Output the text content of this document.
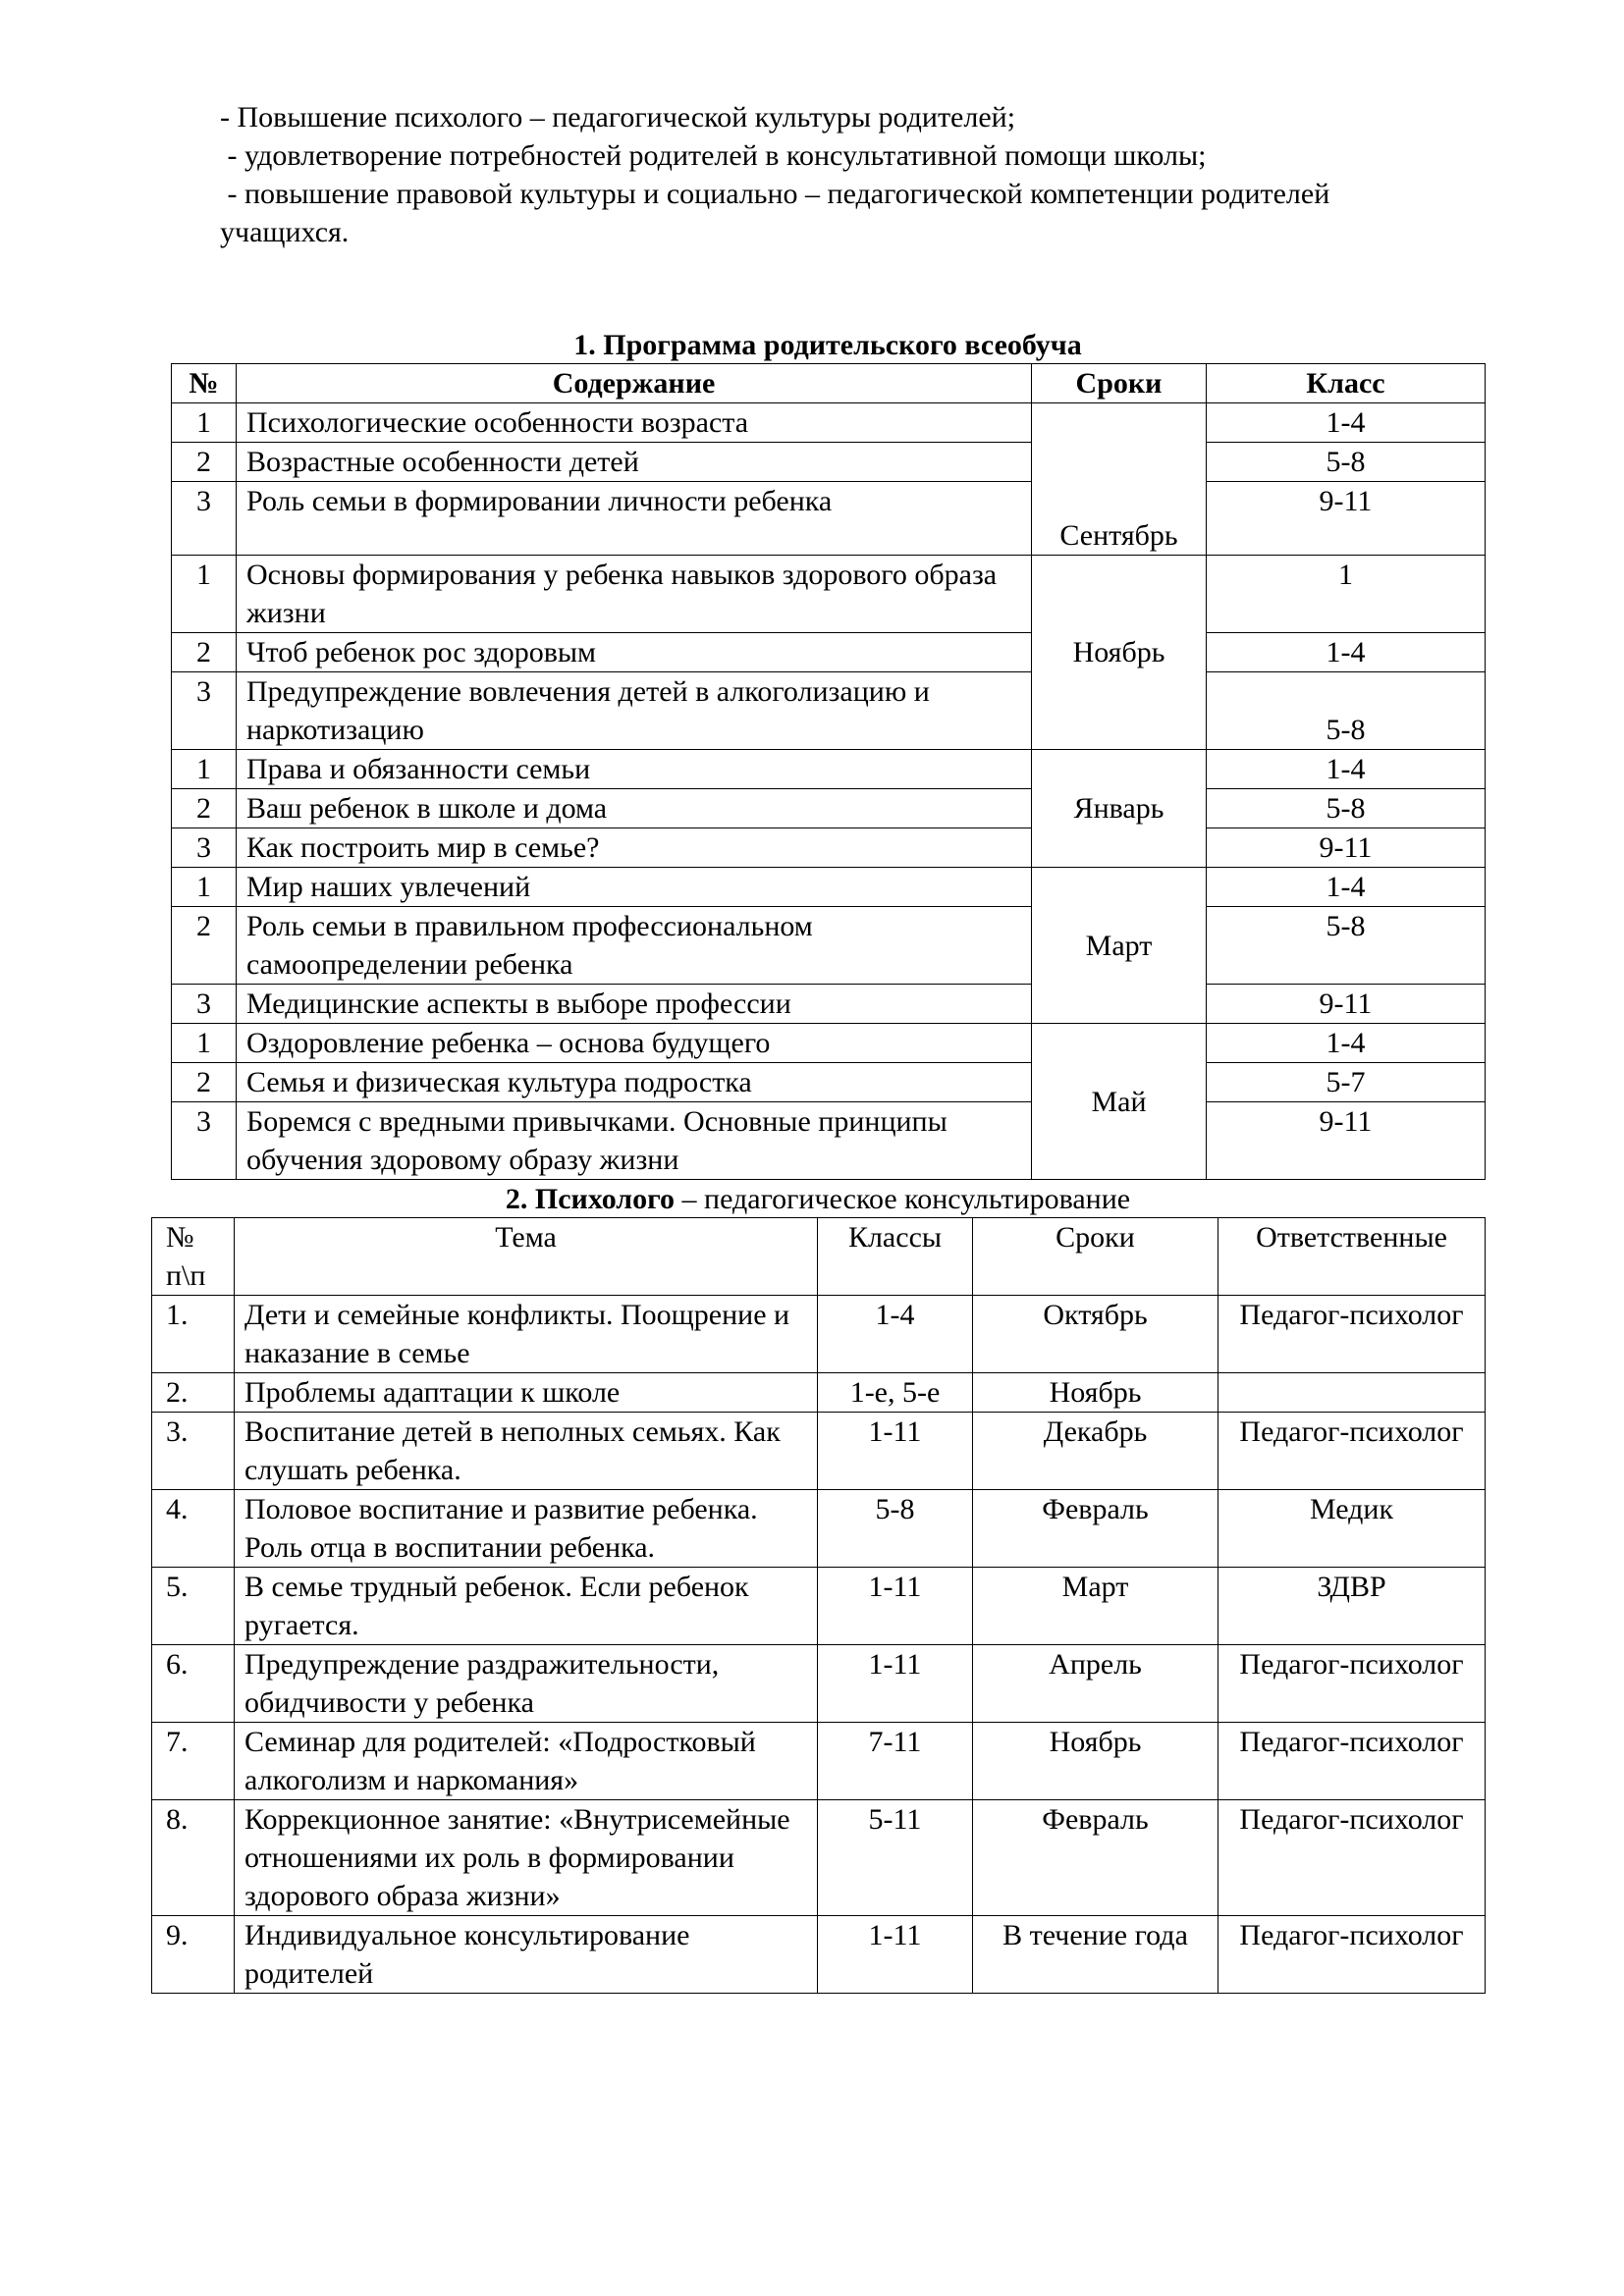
- Повышение психолого – педагогической культуры родителей;
- удовлетворение потребностей родителей в консультативной помощи школы;
- повышение правовой культуры и социально – педагогической компетенции родителей
учащихся.
1. Программа родительского всеобуча
№	Содержание	Сроки	Класс
1	Психологические особенности возраста	Сентябрь	1-4
2	Возрастные особенности детей		5-8
3	Роль семьи в формировании личности ребенка		9-11
1	Основы формирования у ребенка навыков здорового образа жизни	Ноябрь	1
2	Чтоб ребенок рос здоровым		1-4
3	Предупреждение вовлечения детей в алкоголизацию и наркотизацию		5-8
1	Права и обязанности семьи	Январь	1-4
2	Ваш ребенок в школе и дома		5-8
3	Как построить мир в семье?		9-11
1	Мир наших увлечений	Март	1-4
2	Роль семьи в правильном профессиональном самоопределении ребенка		5-8
3	Медицинские аспекты в выборе профессии		9-11
1	Оздоровление ребенка – основа будущего	Май	1-4
2	Семья и физическая культура подростка		5-7
3	Боремся с вредными привычками. Основные принципы обучения здоровому образу жизни		9-11
2. Психолого – педагогическое консультирование
№ п\п	Тема	Классы	Сроки	Ответственные
1.	Дети и семейные конфликты. Поощрение и наказание в семье	1-4	Октябрь	Педагог-психолог
2.	Проблемы адаптации к школе	1-е, 5-е	Ноябрь	
3.	Воспитание детей в неполных семьях. Как слушать ребенка.	1-11	Декабрь	Педагог-психолог
4.	Половое воспитание и развитие ребенка. Роль отца в воспитании ребенка.	5-8	Февраль	Медик
5.	В семье трудный ребенок. Если ребенок ругается.	1-11	Март	ЗДВР
6.	Предупреждение раздражительности, обидчивости у ребенка	1-11	Апрель	Педагог-психолог
7.	Семинар для родителей: «Подростковый алкоголизм и наркомания»	7-11	Ноябрь	Педагог-психолог
8.	Коррекционное занятие: «Внутрисемейные отношениями их роль в формировании здорового образа жизни»	5-11	Февраль	Педагог-психолог
9.	Индивидуальное консультирование родителей	1-11	В течение года	Педагог-психолог
